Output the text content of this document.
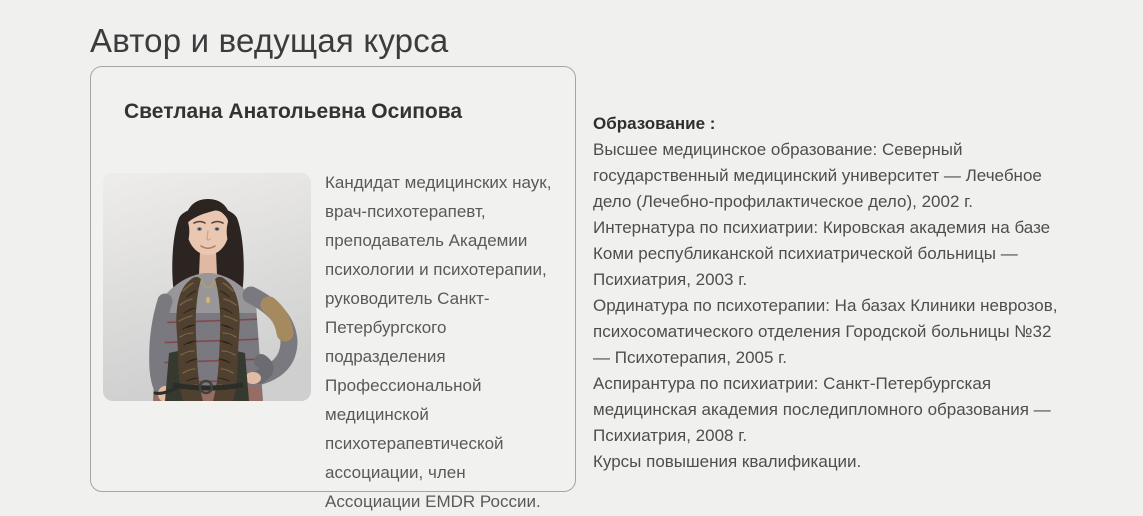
Автор и ведущая курса
Светлана Анатольевна Осипова

Кандидат медицинских наук, врач-психотерапевт, преподаватель Академии психологии и психотерапии, руководитель Санкт-Петербургского подразделения Профессиональной медицинской психотерапевтической ассоциации, член Ассоциации EMDR России.

Образование :
Высшее медицинское образование: Северный государственный медицинский университет — Лечебное дело (Лечебно-профилактическое дело), 2002 г.
Интернатура по психиатрии: Кировская академия на базе Коми республиканской психиатрической больницы — Психиатрия, 2003 г.
Ординатура по психотерапии: На базах Клиники неврозов, психосоматического отделения Городской больницы №32 — Психотерапия, 2005 г.
Аспирантура по психиатрии: Санкт-Петербургская медицинская академия последипломного образования — Психиатрия, 2008 г.
Курсы повышения квалификации.
